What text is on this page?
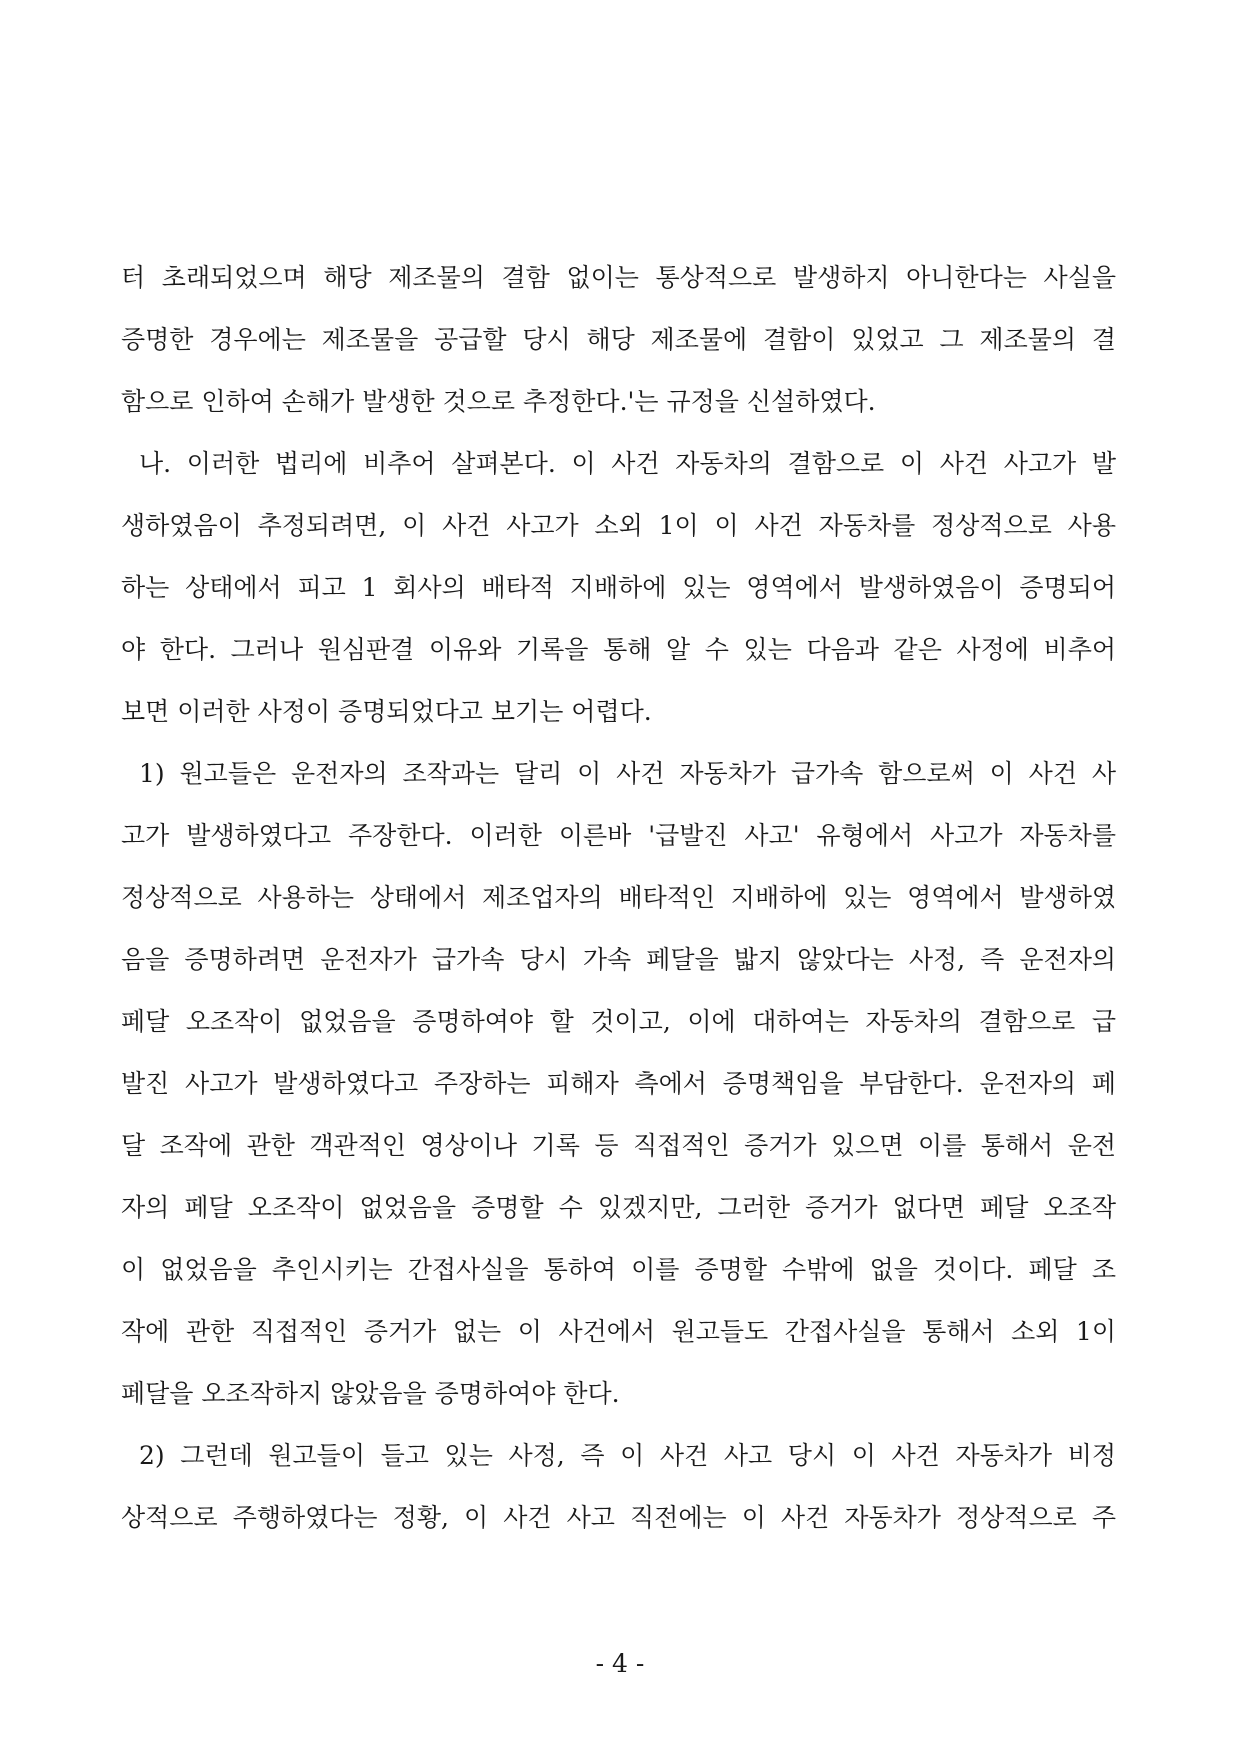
터 초래되었으며 해당 제조물의 결함 없이는 통상적으로 발생하지 아니한다는 사실을
증명한 경우에는 제조물을 공급할 당시 해당 제조물에 결함이 있었고 그 제조물의 결
함으로 인하여 손해가 발생한 것으로 추정한다.'는 규정을 신설하였다.
나. 이러한 법리에 비추어 살펴본다. 이 사건 자동차의 결함으로 이 사건 사고가 발
생하였음이 추정되려면, 이 사건 사고가 소외 1이 이 사건 자동차를 정상적으로 사용
하는 상태에서 피고 1 회사의 배타적 지배하에 있는 영역에서 발생하였음이 증명되어
야 한다. 그러나 원심판결 이유와 기록을 통해 알 수 있는 다음과 같은 사정에 비추어
보면 이러한 사정이 증명되었다고 보기는 어렵다.
1) 원고들은 운전자의 조작과는 달리 이 사건 자동차가 급가속 함으로써 이 사건 사
고가 발생하였다고 주장한다. 이러한 이른바 '급발진 사고' 유형에서 사고가 자동차를
정상적으로 사용하는 상태에서 제조업자의 배타적인 지배하에 있는 영역에서 발생하였
음을 증명하려면 운전자가 급가속 당시 가속 페달을 밟지 않았다는 사정, 즉 운전자의
페달 오조작이 없었음을 증명하여야 할 것이고, 이에 대하여는 자동차의 결함으로 급
발진 사고가 발생하였다고 주장하는 피해자 측에서 증명책임을 부담한다. 운전자의 페
달 조작에 관한 객관적인 영상이나 기록 등 직접적인 증거가 있으면 이를 통해서 운전
자의 페달 오조작이 없었음을 증명할 수 있겠지만, 그러한 증거가 없다면 페달 오조작
이 없었음을 추인시키는 간접사실을 통하여 이를 증명할 수밖에 없을 것이다. 페달 조
작에 관한 직접적인 증거가 없는 이 사건에서 원고들도 간접사실을 통해서 소외 1이
페달을 오조작하지 않았음을 증명하여야 한다.
2) 그런데 원고들이 들고 있는 사정, 즉 이 사건 사고 당시 이 사건 자동차가 비정
상적으로 주행하였다는 정황, 이 사건 사고 직전에는 이 사건 자동차가 정상적으로 주
- 4 -
